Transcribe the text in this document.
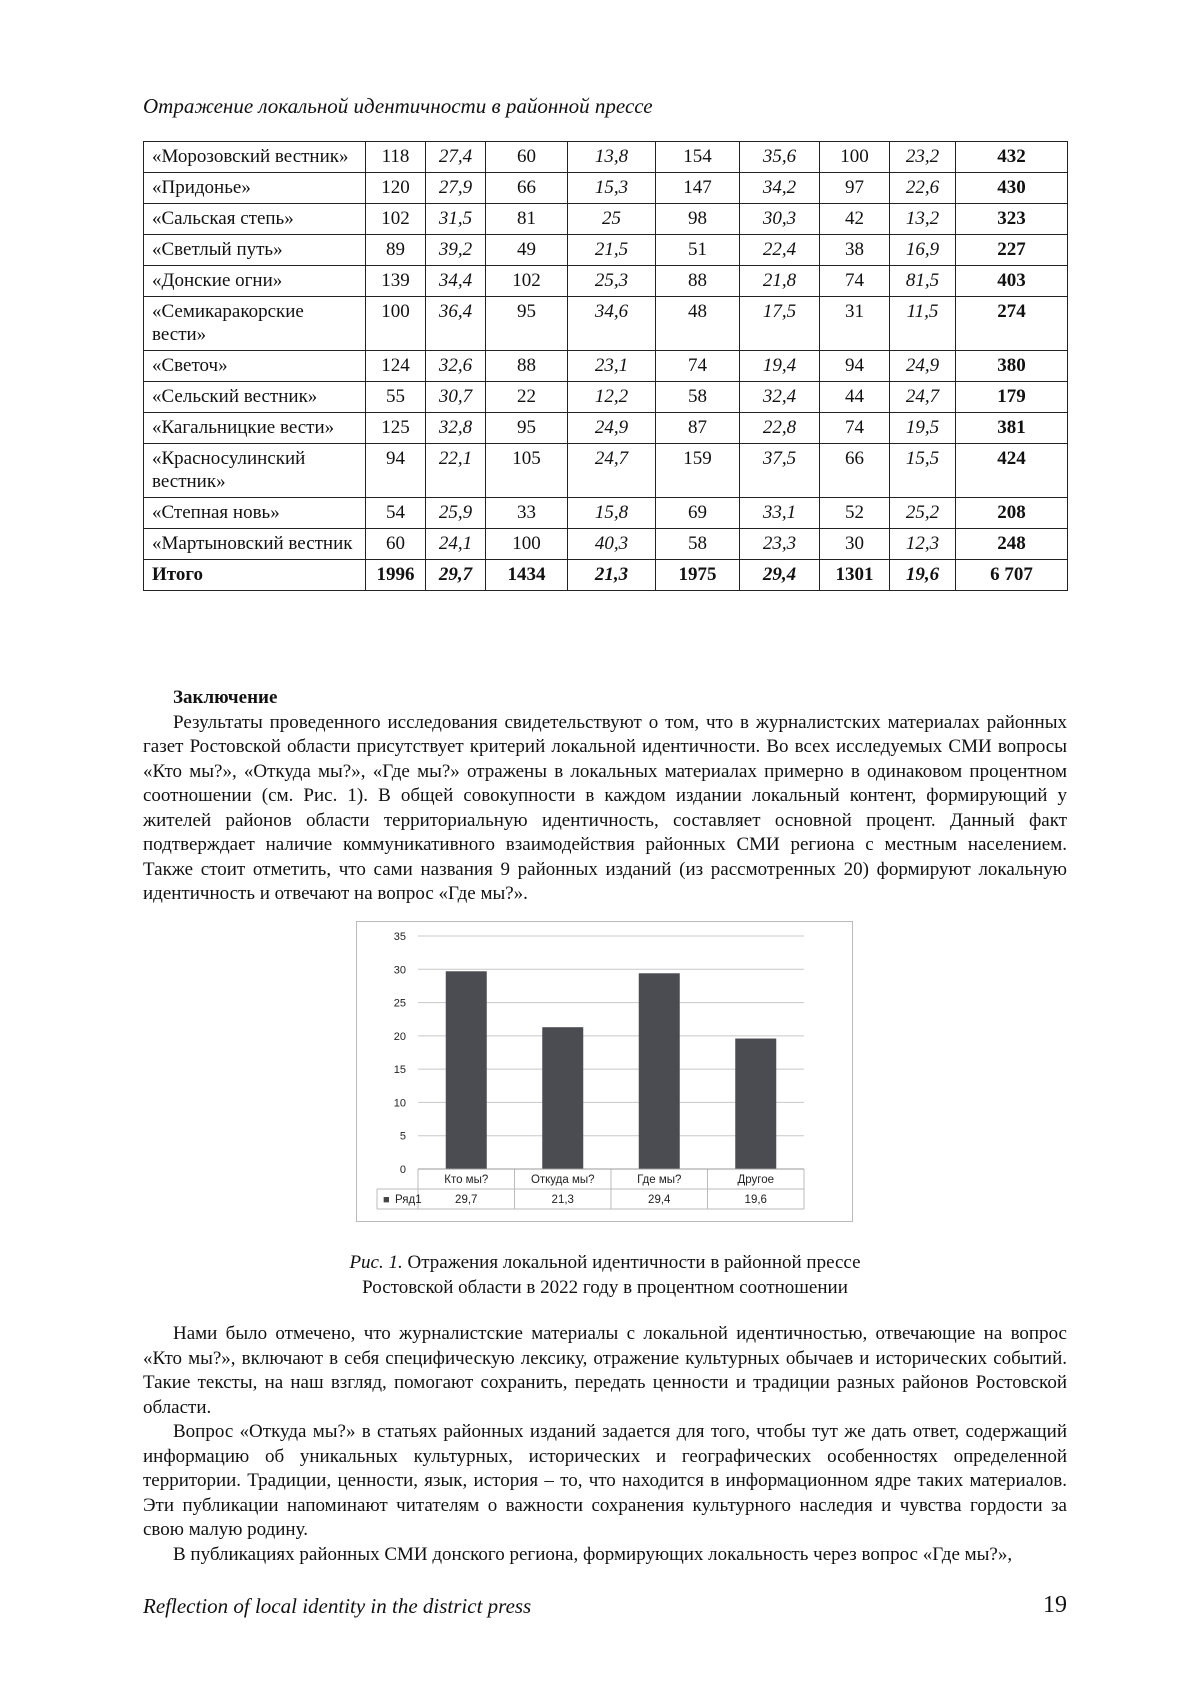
Отражение локальной идентичности в районной прессе
«Морозовский вестник»	118	27,4	60	13,8	154	35,6	100	23,2	432
«Придонье»	120	27,9	66	15,3	147	34,2	97	22,6	430
«Сальская степь»	102	31,5	81	25	98	30,3	42	13,2	323
«Светлый путь»	89	39,2	49	21,5	51	22,4	38	16,9	227
«Донские огни»	139	34,4	102	25,3	88	21,8	74	81,5	403
«Семикаракорские вести»	100	36,4	95	34,6	48	17,5	31	11,5	274
«Светоч»	124	32,6	88	23,1	74	19,4	94	24,9	380
«Сельский вестник»	55	30,7	22	12,2	58	32,4	44	24,7	179
«Кагальницкие вести»	125	32,8	95	24,9	87	22,8	74	19,5	381
«Красносулинский вестник»	94	22,1	105	24,7	159	37,5	66	15,5	424
«Степная новь»	54	25,9	33	15,8	69	33,1	52	25,2	208
«Мартыновский вестник	60	24,1	100	40,3	58	23,3	30	12,3	248
Итого	1996	29,7	1434	21,3	1975	29,4	1301	19,6	6 707
Заключение

Результаты проведенного исследования свидетельствуют о том, что в журналистских материалах районных газет Ростовской области присутствует критерий локальной идентичности. Во всех исследуемых СМИ вопросы «Кто мы?», «Откуда мы?», «Где мы?» отражены в локальных материалах примерно в одинаковом процентном соотношении (см. Рис. 1). В общей совокупности в каждом издании локальный контент, формирующий у жителей районов области территориальную идентичность, составляет основной процент. Данный факт подтверждает наличие коммуникативного взаимодействия районных СМИ региона с местным населением. Также стоит отметить, что сами названия 9 районных изданий (из рассмотренных 20) формируют локальную идентичность и отвечают на вопрос «Где мы?».

0
5
10
15
20
25
30
35
Кто мы?
29,7
Откуда мы?
21,3
Где мы?
29,4
Другое
19,6
■ Ряд1
Рис. 1. Отражения локальной идентичности в районной прессе
Ростовской области в 2022 году в процентном соотношении

Нами было отмечено, что журналистские материалы с локальной идентичностью, отвечающие на вопрос «Кто мы?», включают в себя специфическую лексику, отражение культурных обычаев и исторических событий. Такие тексты, на наш взгляд, помогают сохранить, передать ценности и традиции разных районов Ростовской области.

Вопрос «Откуда мы?» в статьях районных изданий задается для того, чтобы тут же дать ответ, содержащий информацию об уникальных культурных, исторических и географических особенностях определенной территории. Традиции, ценности, язык, история – то, что находится в информационном ядре таких материалов. Эти публикации напоминают читателям о важности сохранения культурного наследия и чувства гордости за свою малую родину.

В публикациях районных СМИ донского региона, формирующих локальность через вопрос «Где мы?»,

Reflection of local identity in the district press	19
